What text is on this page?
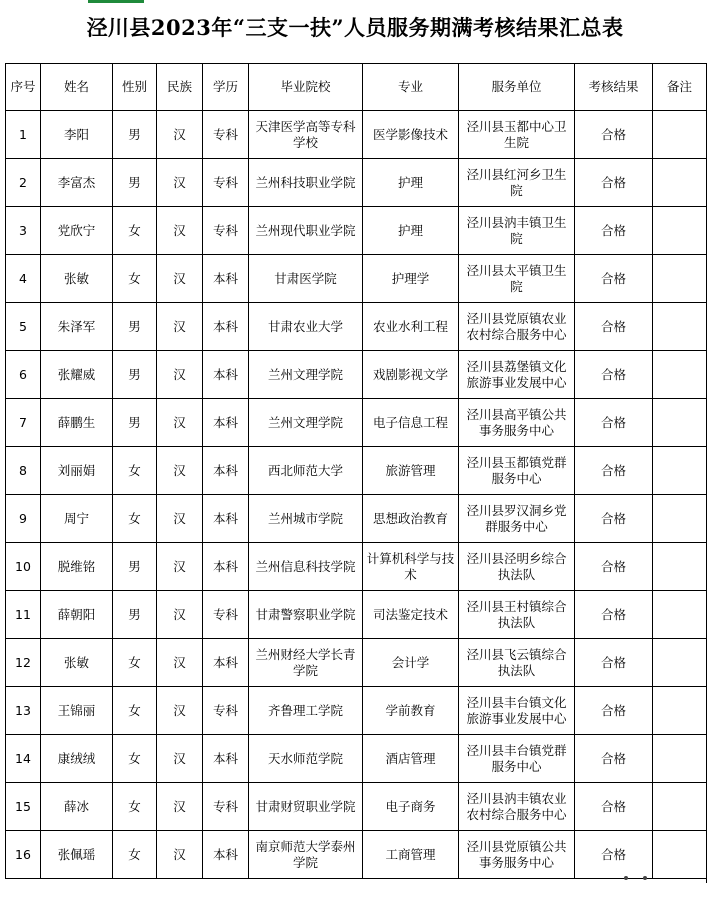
泾川县2023年“三支一扶”人员服务期满考核结果汇总表
序号	姓名	性别	民族	学历	毕业院校	专业	服务单位	考核结果	备注
1	李阳	男	汉	专科	天津医学高等专科学校	医学影像技术	泾川县玉都中心卫生院	合格	
2	李富杰	男	汉	专科	兰州科技职业学院	护理	泾川县红河乡卫生院	合格	
3	党欣宁	女	汉	专科	兰州现代职业学院	护理	泾川县汭丰镇卫生院	合格	
4	张敏	女	汉	本科	甘肃医学院	护理学	泾川县太平镇卫生院	合格	
5	朱泽军	男	汉	本科	甘肃农业大学	农业水利工程	泾川县党原镇农业农村综合服务中心	合格	
6	张耀威	男	汉	本科	兰州文理学院	戏剧影视文学	泾川县荔堡镇文化旅游事业发展中心	合格	
7	薛鹏生	男	汉	本科	兰州文理学院	电子信息工程	泾川县高平镇公共事务服务中心	合格	
8	刘丽娟	女	汉	本科	西北师范大学	旅游管理	泾川县玉都镇党群服务中心	合格	
9	周宁	女	汉	本科	兰州城市学院	思想政治教育	泾川县罗汉洞乡党群服务中心	合格	
10	脱维铭	男	汉	本科	兰州信息科技学院	计算机科学与技术	泾川县泾明乡综合执法队	合格	
11	薛朝阳	男	汉	专科	甘肃警察职业学院	司法鉴定技术	泾川县王村镇综合执法队	合格	
12	张敏	女	汉	本科	兰州财经大学长青学院	会计学	泾川县飞云镇综合执法队	合格	
13	王锦丽	女	汉	专科	齐鲁理工学院	学前教育	泾川县丰台镇文化旅游事业发展中心	合格	
14	康绒绒	女	汉	本科	天水师范学院	酒店管理	泾川县丰台镇党群服务中心	合格	
15	薛冰	女	汉	专科	甘肃财贸职业学院	电子商务	泾川县汭丰镇农业农村综合服务中心	合格	
16	张佩瑶	女	汉	本科	南京师范大学泰州学院	工商管理	泾川县党原镇公共事务服务中心	合格	
